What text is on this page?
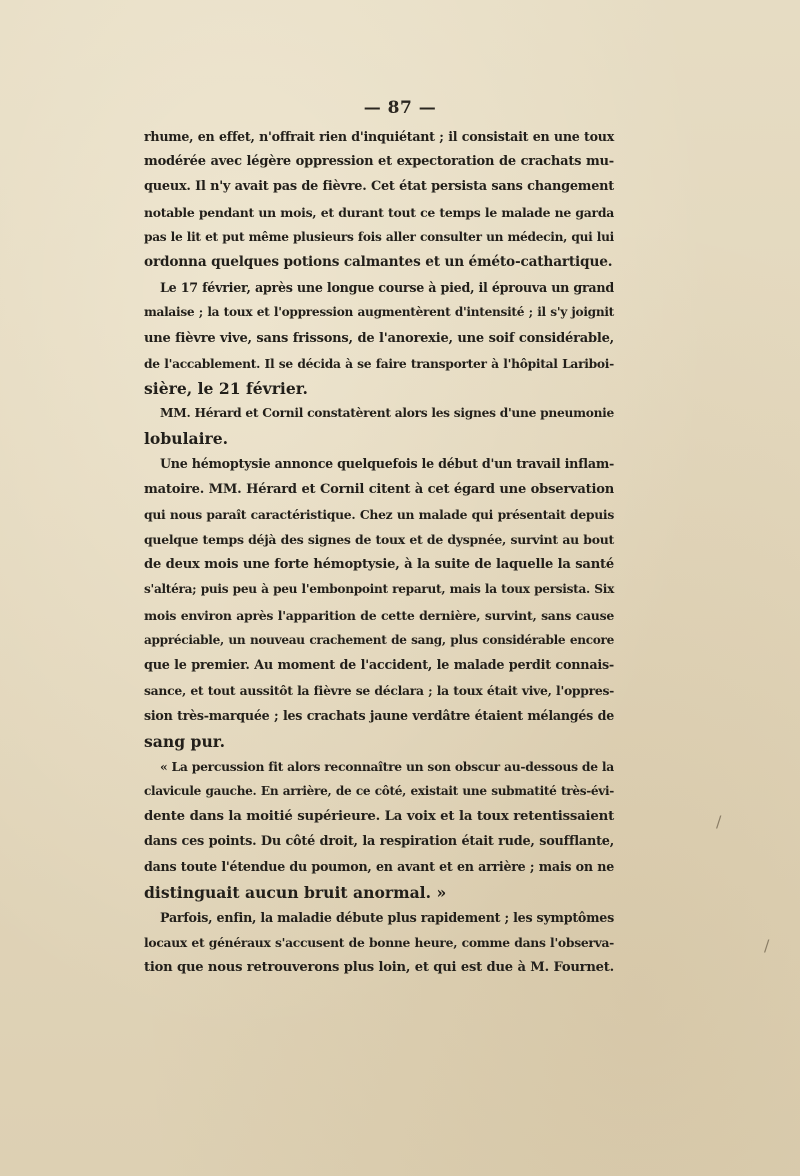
— 87 —
rhume, en effet, n'offrait rien d'inquiétant ; il consistait en une toux
modérée avec légère oppression et expectoration de crachats mu-
queux. Il n'y avait pas de fièvre. Cet état persista sans changement
notable pendant un mois, et durant tout ce temps le malade ne garda
pas le lit et put même plusieurs fois aller consulter un médecin, qui lui
ordonna quelques potions calmantes et un éméto-cathartique.
Le 17 février, après une longue course à pied, il éprouva un grand
malaise ; la toux et l'oppression augmentèrent d'intensité ; il s'y joignit
une fièvre vive, sans frissons, de l'anorexie, une soif considérable,
de l'accablement. Il se décida à se faire transporter à l'hôpital Lariboi-
sière, le 21 février.
MM. Hérard et Cornil constatèrent alors les signes d'une pneumonie
lobulaire.
Une hémoptysie annonce quelquefois le début d'un travail inflam-
matoire. MM. Hérard et Cornil citent à cet égard une observation
qui nous paraît caractéristique. Chez un malade qui présentait depuis
quelque temps déjà des signes de toux et de dyspnée, survint au bout
de deux mois une forte hémoptysie, à la suite de laquelle la santé
s'altéra; puis peu à peu l'embonpoint reparut, mais la toux persista. Six
mois environ après l'apparition de cette dernière, survint, sans cause
appréciable, un nouveau crachement de sang, plus considérable encore
que le premier. Au moment de l'accident, le malade perdit connais-
sance, et tout aussitôt la fièvre se déclara ; la toux était vive, l'oppres-
sion très-marquée ; les crachats jaune verdâtre étaient mélangés de
sang pur.
« La percussion fit alors reconnaître un son obscur au-dessous de la
clavicule gauche. En arrière, de ce côté, existait une submatité très-évi-
dente dans la moitié supérieure. La voix et la toux retentissaient
dans ces points. Du côté droit, la respiration était rude, soufflante,
dans toute l'étendue du poumon, en avant et en arrière ; mais on ne
distinguait aucun bruit anormal. »
Parfois, enfin, la maladie débute plus rapidement ; les symptômes
locaux et généraux s'accusent de bonne heure, comme dans l'observa-
tion que nous retrouverons plus loin, et qui est due à M. Fournet.
/
/
